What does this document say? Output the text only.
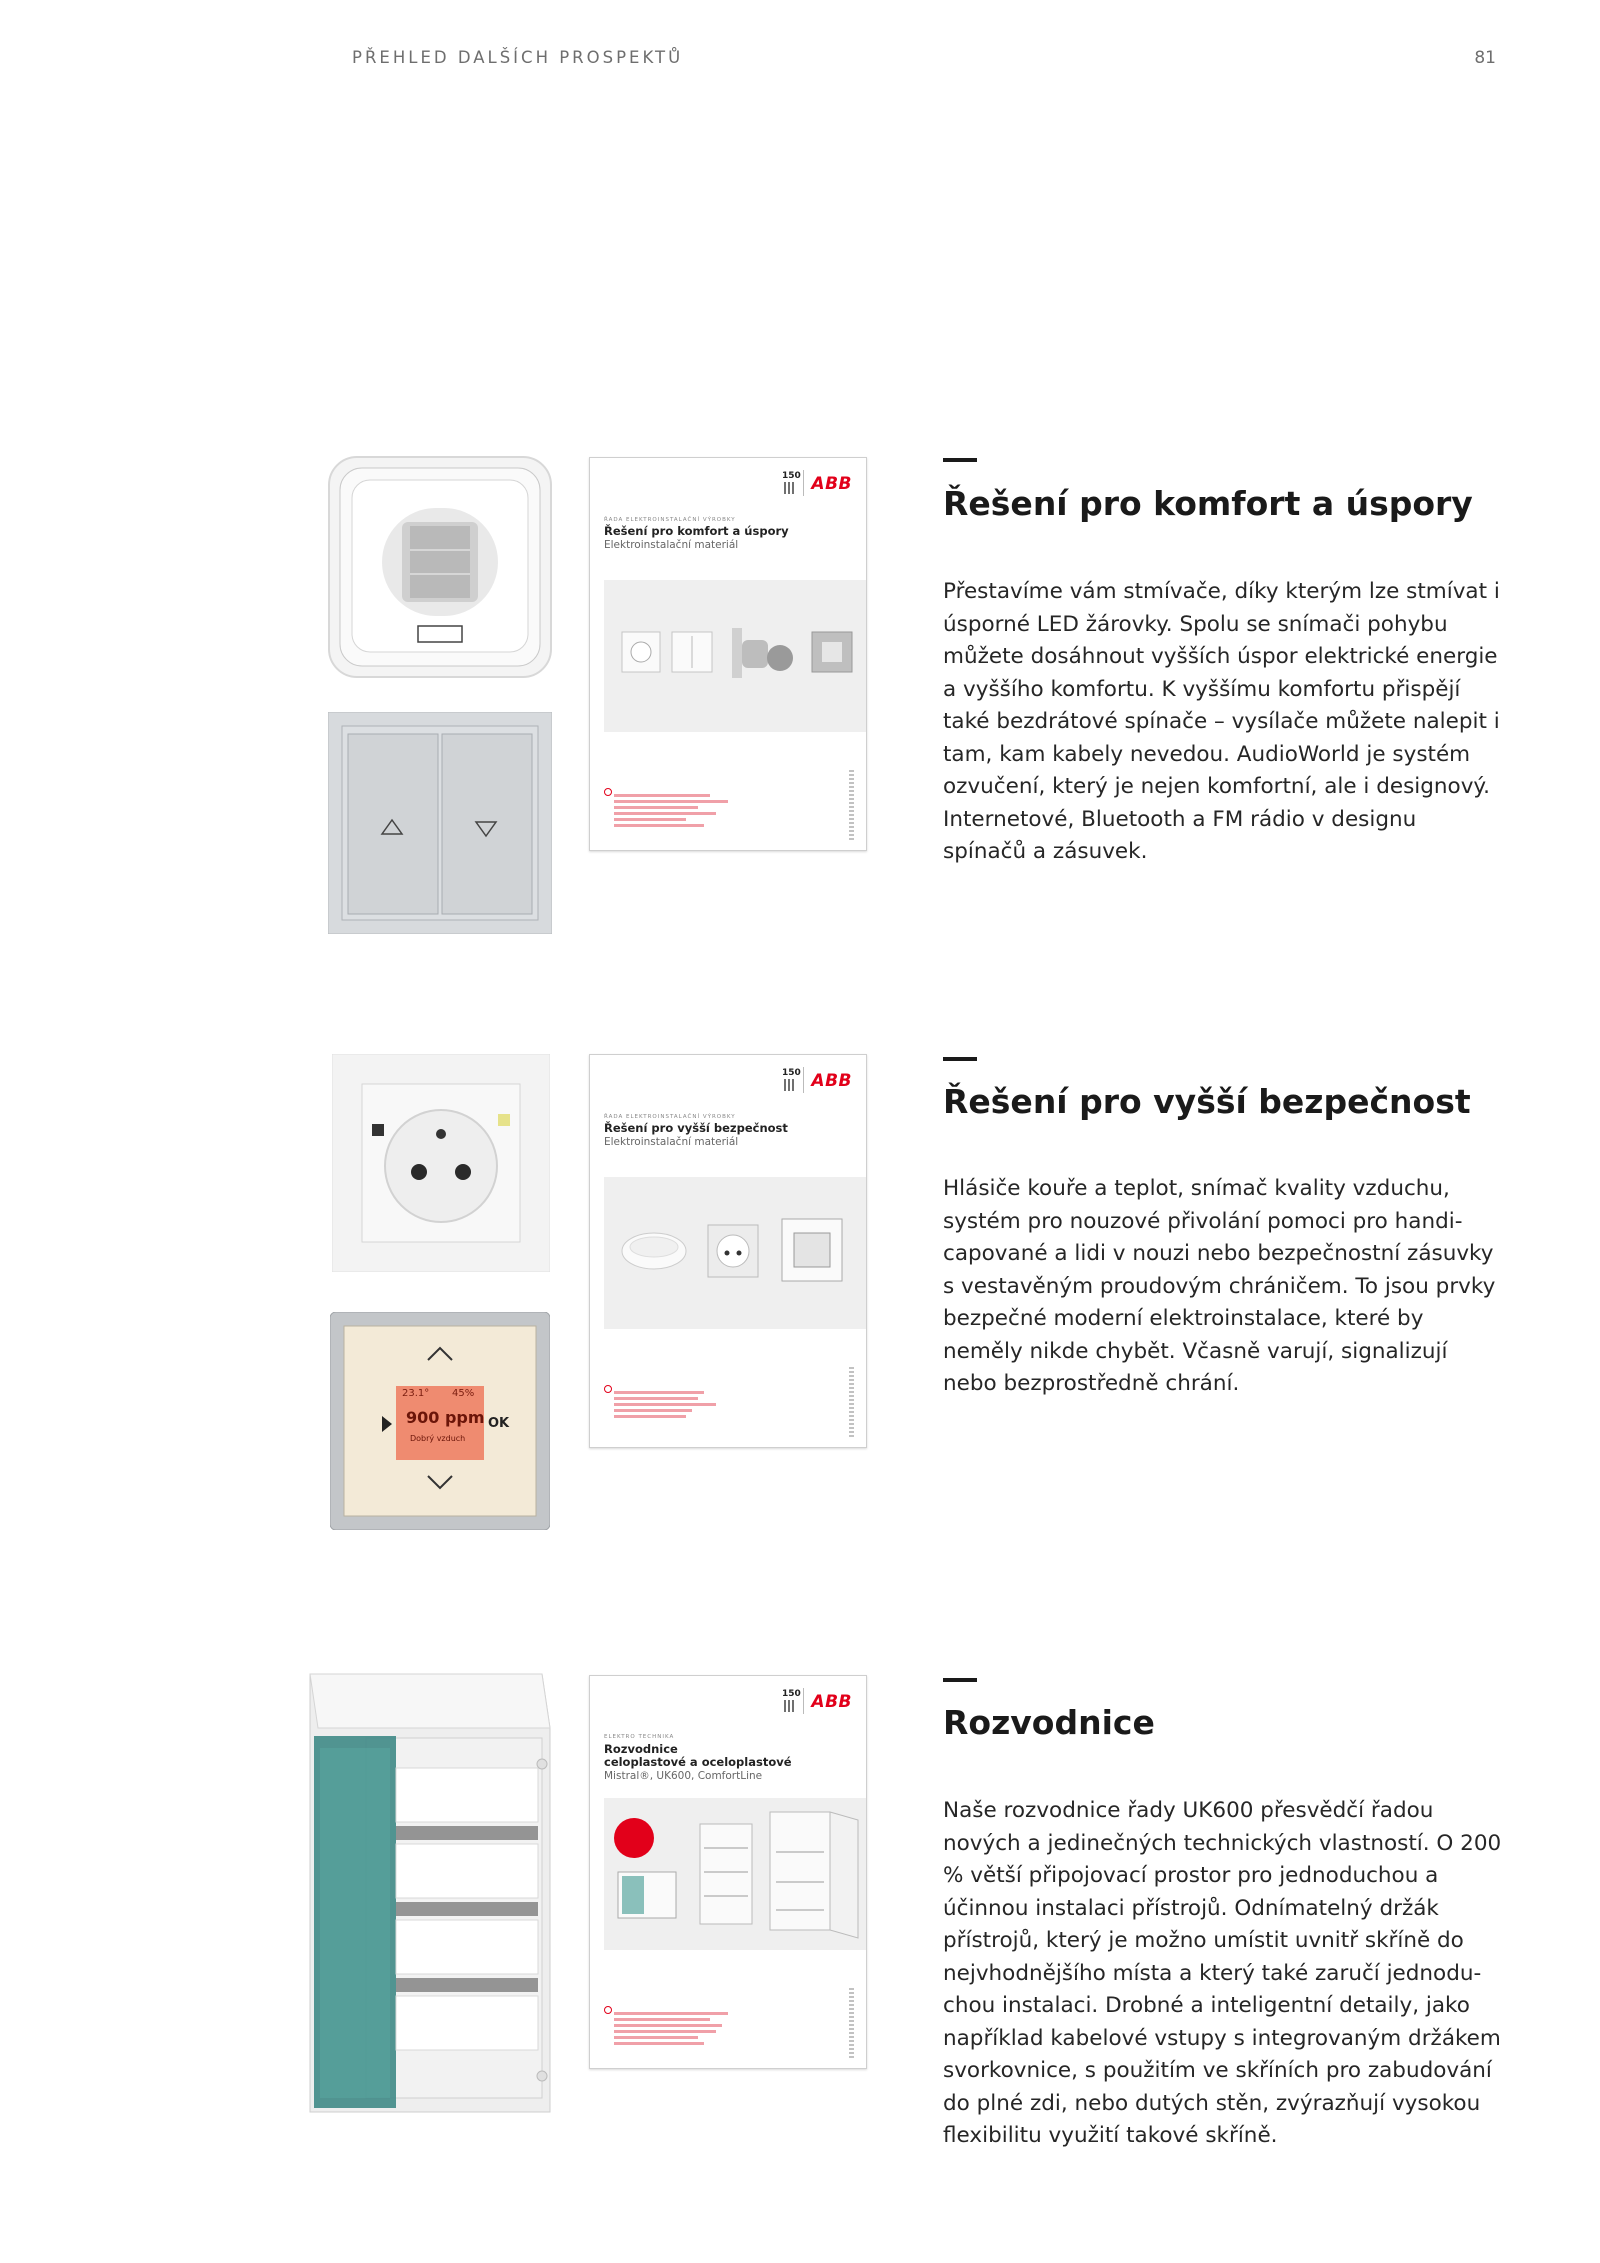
PŘEHLED DALŠÍCH PROSPEKTŮ	81
150 ABB
ŘADA ELEKTROINSTALAČNÍ VÝROBKY
Řešení pro komfort a úspory
Elektroinstalační materiál
Řešení pro komfort a úspory

Přestavíme vám stmívače, díky kterým lze stmívat i úsporné LED žárovky. Spolu se snímači pohybu můžete dosáhnout vyšších úspor elektrické energie a vyššího komfortu. K vyššímu komfortu přispějí také bezdrátové spínače – vysílače můžete nalepit i tam, kam kabely nevedou. AudioWorld je systém ozvučení, který je nejen komfortní, ale i designový. Internetové, Bluetooth a FM rádio v designu spínačů a zásuvek.

23.1° 45%
900 ppm
Dobrý vzduch
OK
150 ABB
ŘADA ELEKTROINSTALAČNÍ VÝROBKY
Řešení pro vyšší bezpečnost
Elektroinstalační materiál
Řešení pro vyšší bezpečnost

Hlásiče kouře a teplot, snímač kvality vzduchu, systém pro nouzové přivolání pomoci pro handicapované a lidi v nouzi nebo bezpečnostní zásuvky s vestavěným proudovým chráničem. To jsou prvky bezpečné moderní elektroinstalace, které by neměly nikde chybět. Včasně varují, signalizují nebo bezprostředně chrání.

150 ABB
ELEKTRO TECHNIKA
Rozvodnice
celoplastové a oceloplastové
Mistral®, UK600, ComfortLine
Rozvodnice

Naše rozvodnice řady UK600 přesvědčí řadou nových a jedinečných technických vlastností. O 200 % větší připojovací prostor pro jednoduchou a účinnou instalaci přístrojů. Odnímatelný držák přístrojů, který je možno umístit uvnitř skříně do nejvhodnějšího místa a který také zaručí jednoduchou instalaci. Drobné a inteligentní detaily, jako například kabelové vstupy s integrovaným držákem svorkovnice, s použitím ve skříních pro zabudování do plné zdi, nebo dutých stěn, zvýrazňují vysokou flexibilitu využití takové skříně.
